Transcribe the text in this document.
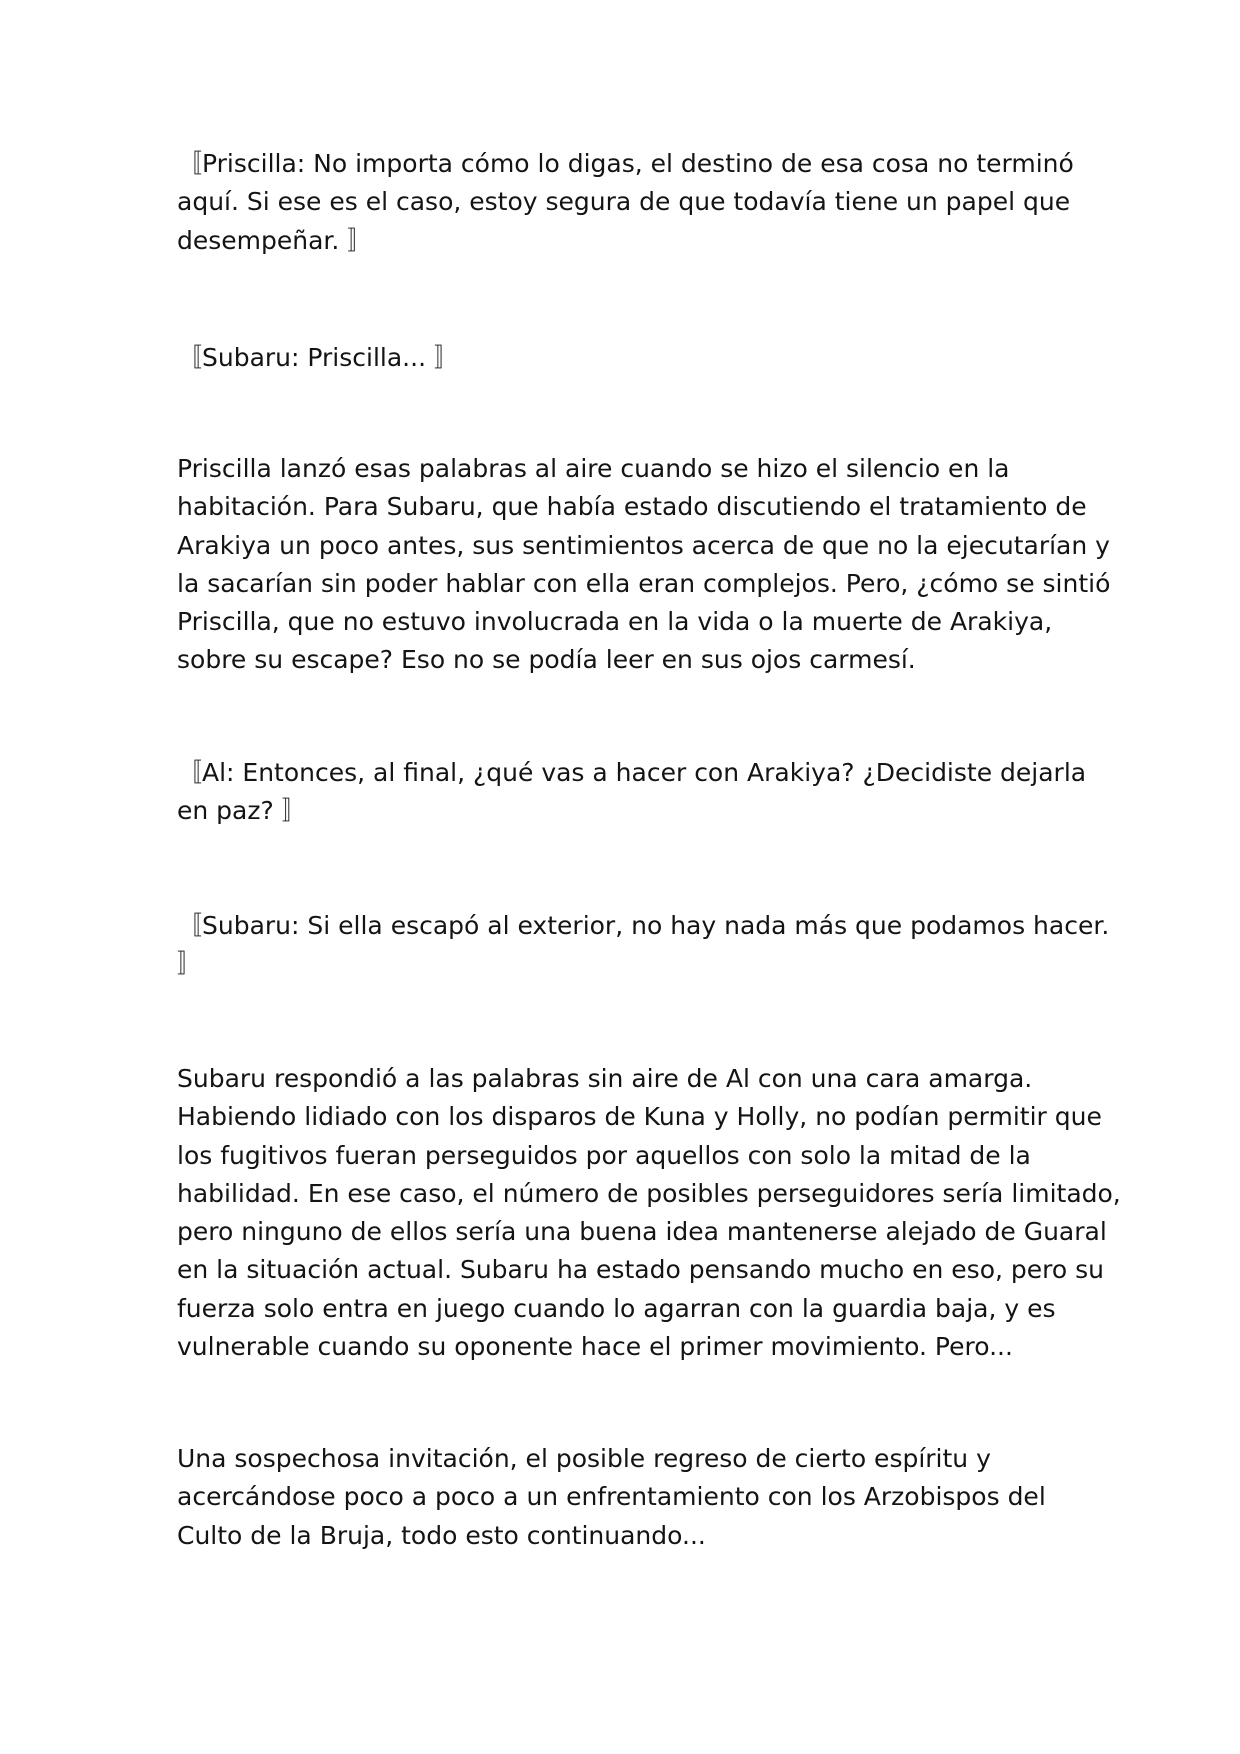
〚Priscilla: No importa cómo lo digas, el destino de esa cosa no terminó
aquí. Si ese es el caso, estoy segura de que todavía tiene un papel que
desempeñar. 〛

〚Subaru: Priscilla... 〛

Priscilla lanzó esas palabras al aire cuando se hizo el silencio en la
habitación. Para Subaru, que había estado discutiendo el tratamiento de
Arakiya un poco antes, sus sentimientos acerca de que no la ejecutarían y
la sacarían sin poder hablar con ella eran complejos. Pero, ¿cómo se sintió
Priscilla, que no estuvo involucrada en la vida o la muerte de Arakiya,
sobre su escape? Eso no se podía leer en sus ojos carmesí.

〚Al: Entonces, al final, ¿qué vas a hacer con Arakiya? ¿Decidiste dejarla
en paz? 〛

〚Subaru: Si ella escapó al exterior, no hay nada más que podamos hacer.
〛

Subaru respondió a las palabras sin aire de Al con una cara amarga.
Habiendo lidiado con los disparos de Kuna y Holly, no podían permitir que
los fugitivos fueran perseguidos por aquellos con solo la mitad de la
habilidad. En ese caso, el número de posibles perseguidores sería limitado,
pero ninguno de ellos sería una buena idea mantenerse alejado de Guaral
en la situación actual. Subaru ha estado pensando mucho en eso, pero su
fuerza solo entra en juego cuando lo agarran con la guardia baja, y es
vulnerable cuando su oponente hace el primer movimiento. Pero...

Una sospechosa invitación, el posible regreso de cierto espíritu y
acercándose poco a poco a un enfrentamiento con los Arzobispos del
Culto de la Bruja, todo esto continuando...
